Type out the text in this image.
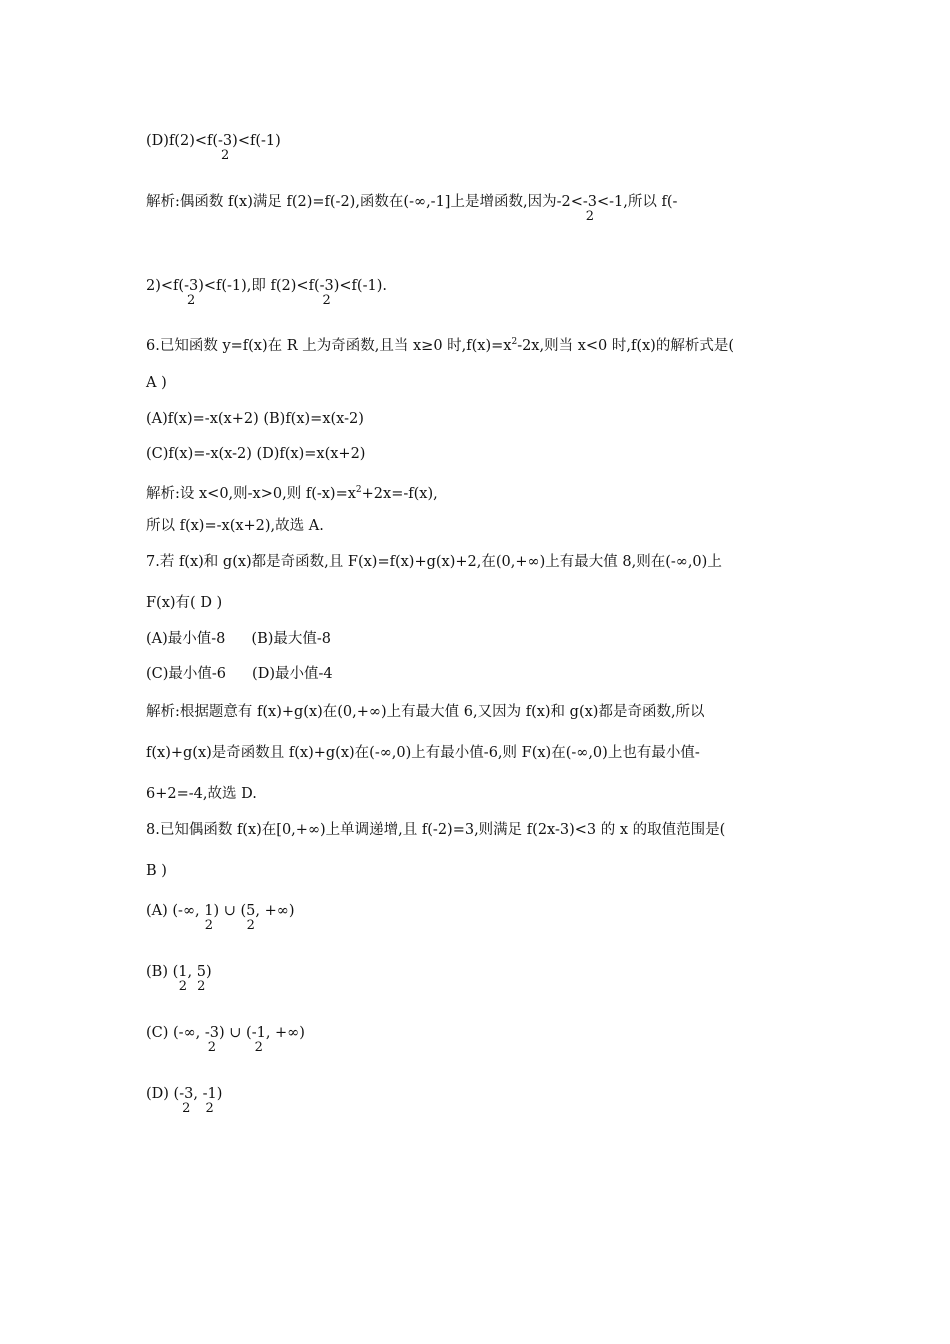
(D)f(2)<f(-3
2
)<f(-1)
解析:偶函数 f(x)满足 f(2)=f(-2),函数在(-∞,-1]上是增函数,因为-2<-3
2
<-1,所以 f(-
2)<f(-3
2
)<f(-1),即 f(2)<f(-3
2
)<f(-1).
6.已知函数 y=f(x)在 R 上为奇函数,且当 x≥0 时$,f(x)=x^2-2x$,则当 x<0 时,f(x)的解析式是(
A )
(A)f(x)=-x(x+2) (B)f(x)=x(x-2)
(C)f(x)=-x(x-2) (D)f(x)=x(x+2)
解析:设 x<0,则-x>0,则 $f(-x)=x^2+2x=-f(x)$,
所以 f(x)=-x(x+2),故选 A.
7.若 f(x)和 g(x)都是奇函数,且 F(x)=f(x)+g(x)+2,在(0,+∞)上有最大值 8,则在(-∞,0)上
F(x)有( D )
(A)最小值-8 (B)最大值-8
(C)最小值-6 (D)最小值-4
解析:根据题意有 f(x)+g(x)在(0,+∞)上有最大值 6,又因为 f(x)和 g(x)都是奇函数,所以
f(x)+g(x)是奇函数且 f(x)+g(x)在(-∞,0)上有最小值-6,则 F(x)在(-∞,0)上也有最小值-
6+2=-4,故选 D.
8.已知偶函数 f(x)在[0,+∞)上单调递增,且 f(-2)=3,则满足 f(2x-3)<3 的 x 的取值范围是(
B )
(A) (-∞, 1
2
) ∪ (5
2
, +∞)
(B) (1
2
, 5
2
)
(C) (-∞, -3
2
) ∪ (-1
2
, +∞)
(D) (-3
2
, -1
2
)
